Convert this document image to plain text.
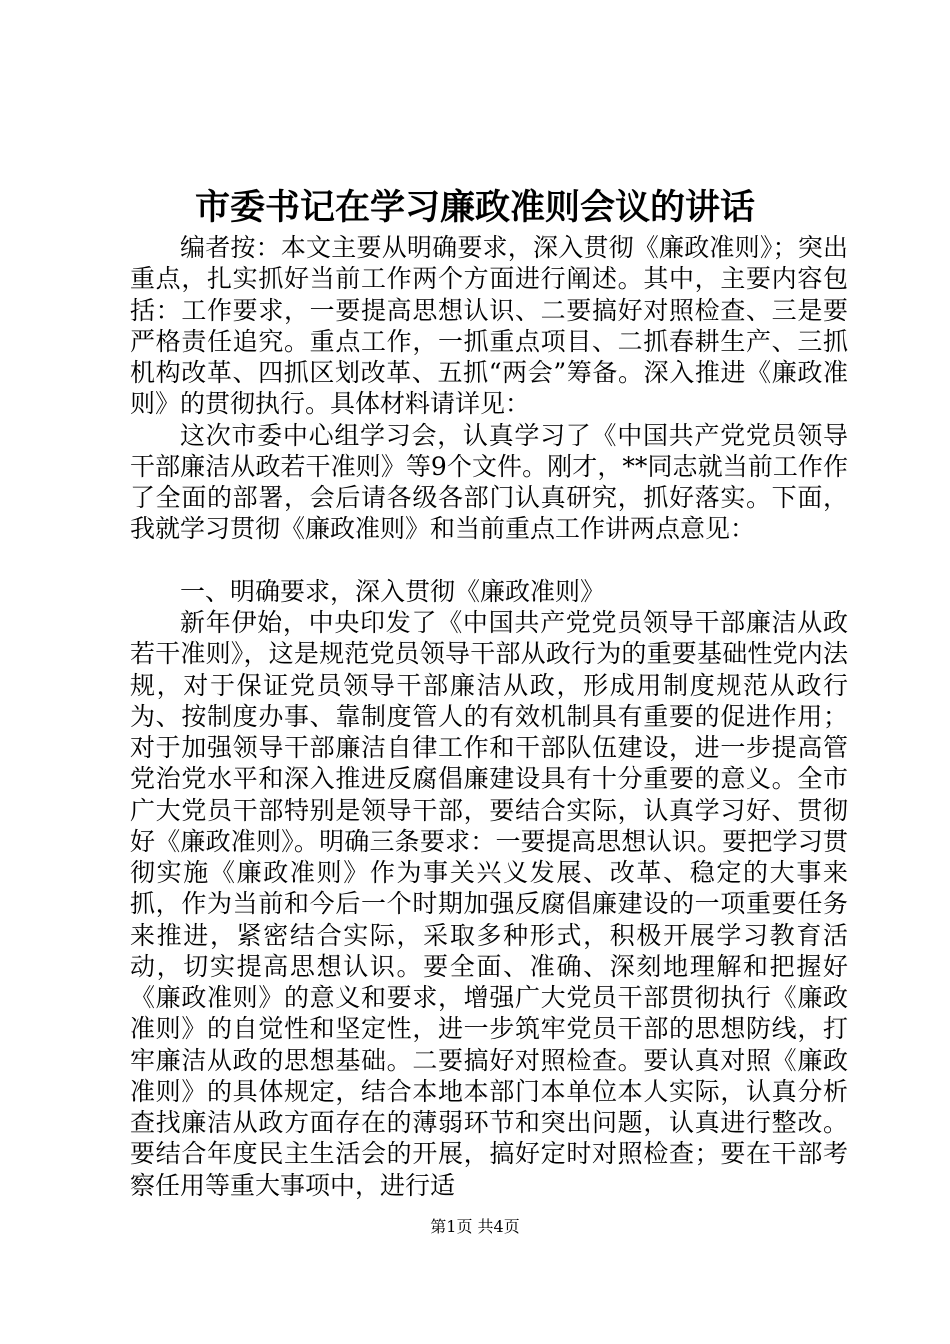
市委书记在学习廉政准则会议的讲话

编者按：本文主要从明确要求，深入贯彻《廉政准则》；突出重点，扎实抓好当前工作两个方面进行阐述。其中，主要内容包括：工作要求，一要提高思想认识、二要搞好对照检查、三是要严格责任追究。重点工作，一抓重点项目、二抓春耕生产、三抓机构改革、四抓区划改革、五抓“两会”筹备。深入推进《廉政准则》的贯彻执行。具体材料请详见：

这次市委中心组学习会，认真学习了《中国共产党党员领导干部廉洁从政若干准则》等9个文件。刚才，**同志就当前工作作了全面的部署，会后请各级各部门认真研究，抓好落实。下面，我就学习贯彻《廉政准则》和当前重点工作讲两点意见：

一、明确要求，深入贯彻《廉政准则》

新年伊始，中央印发了《中国共产党党员领导干部廉洁从政若干准则》，这是规范党员领导干部从政行为的重要基础性党内法规，对于保证党员领导干部廉洁从政，形成用制度规范从政行为、按制度办事、靠制度管人的有效机制具有重要的促进作用；对于加强领导干部廉洁自律工作和干部队伍建设，进一步提高管党治党水平和深入推进反腐倡廉建设具有十分重要的意义。全市广大党员干部特别是领导干部，要结合实际，认真学习好、贯彻好《廉政准则》。明确三条要求：一要提高思想认识。要把学习贯彻实施《廉政准则》作为事关兴义发展、改革、稳定的大事来抓，作为当前和今后一个时期加强反腐倡廉建设的一项重要任务来推进，紧密结合实际，采取多种形式，积极开展学习教育活动，切实提高思想认识。要全面、准确、深刻地理解和把握好《廉政准则》的意义和要求，增强广大党员干部贯彻执行《廉政准则》的自觉性和坚定性，进一步筑牢党员干部的思想防线，打牢廉洁从政的思想基础。二要搞好对照检查。要认真对照《廉政准则》的具体规定，结合本地本部门本单位本人实际，认真分析查找廉洁从政方面存在的薄弱环节和突出问题，认真进行整改。要结合年度民主生活会的开展，搞好定时对照检查；要在干部考察任用等重大事项中，进行适

第1页 共4页
